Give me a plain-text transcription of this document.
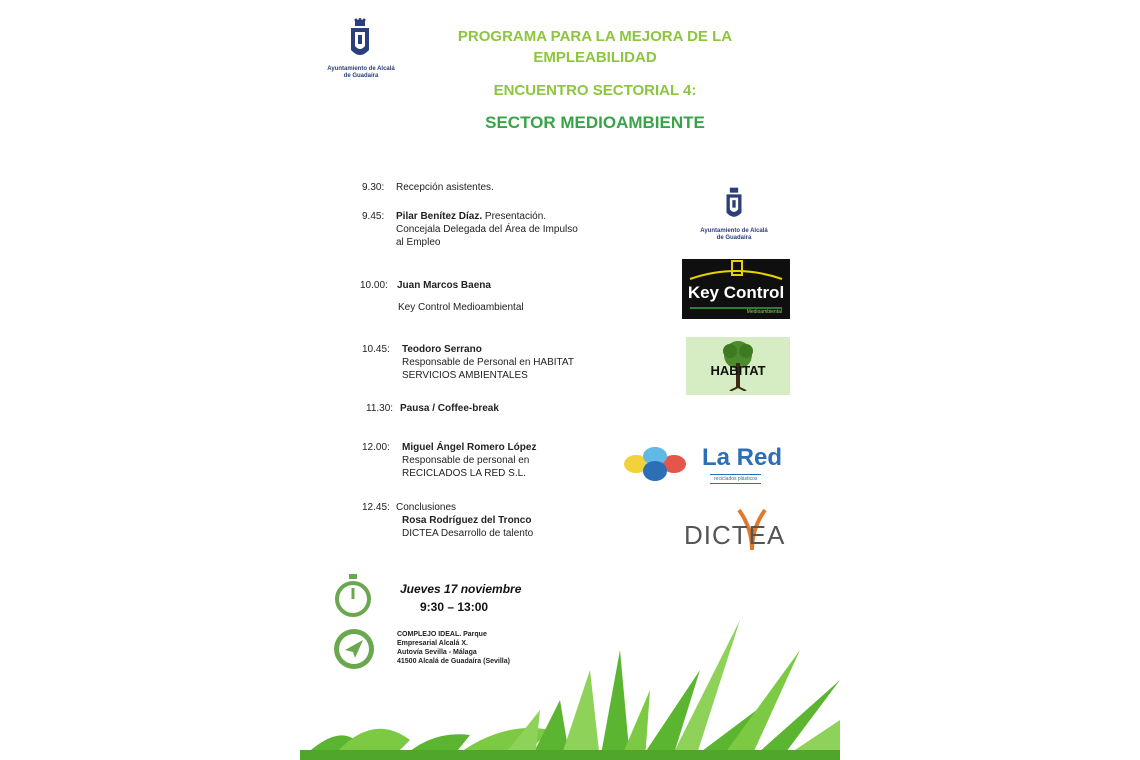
Ayuntamiento de Alcalá de Guadaíra
PROGRAMA PARA LA MEJORA DE LA EMPLEABILIDAD
ENCUENTRO SECTORIAL 4:
SECTOR MEDIOAMBIENTE
9.30: Recepción asistentes.
9.45: Pilar Benítez Díaz. Presentación. Concejala Delegada del Área de Impulso al Empleo
10.00: Juan Marcos Baena
Key Control Medioambiental
10.45: Teodoro Serrano
Responsable de Personal en HABITAT SERVICIOS AMBIENTALES
11.30: Pausa / Coffee-break
12.00: Miguel Ángel Romero López
Responsable de personal en RECICLADOS LA RED S.L.
12.45: Conclusiones
Rosa Rodríguez del Tronco
DICTEA Desarrollo de talento
Ayuntamiento de Alcalá de Guadaíra
Key Control
Medioambiental
HABITAT
La Red
reciclados plásticos
DICTEA
Jueves 17 noviembre
9:30 – 13:00
COMPLEJO IDEAL. Parque
Empresarial Alcalá X.
Autovía Sevilla - Málaga
41500 Alcalá de Guadaíra (Sevilla)
